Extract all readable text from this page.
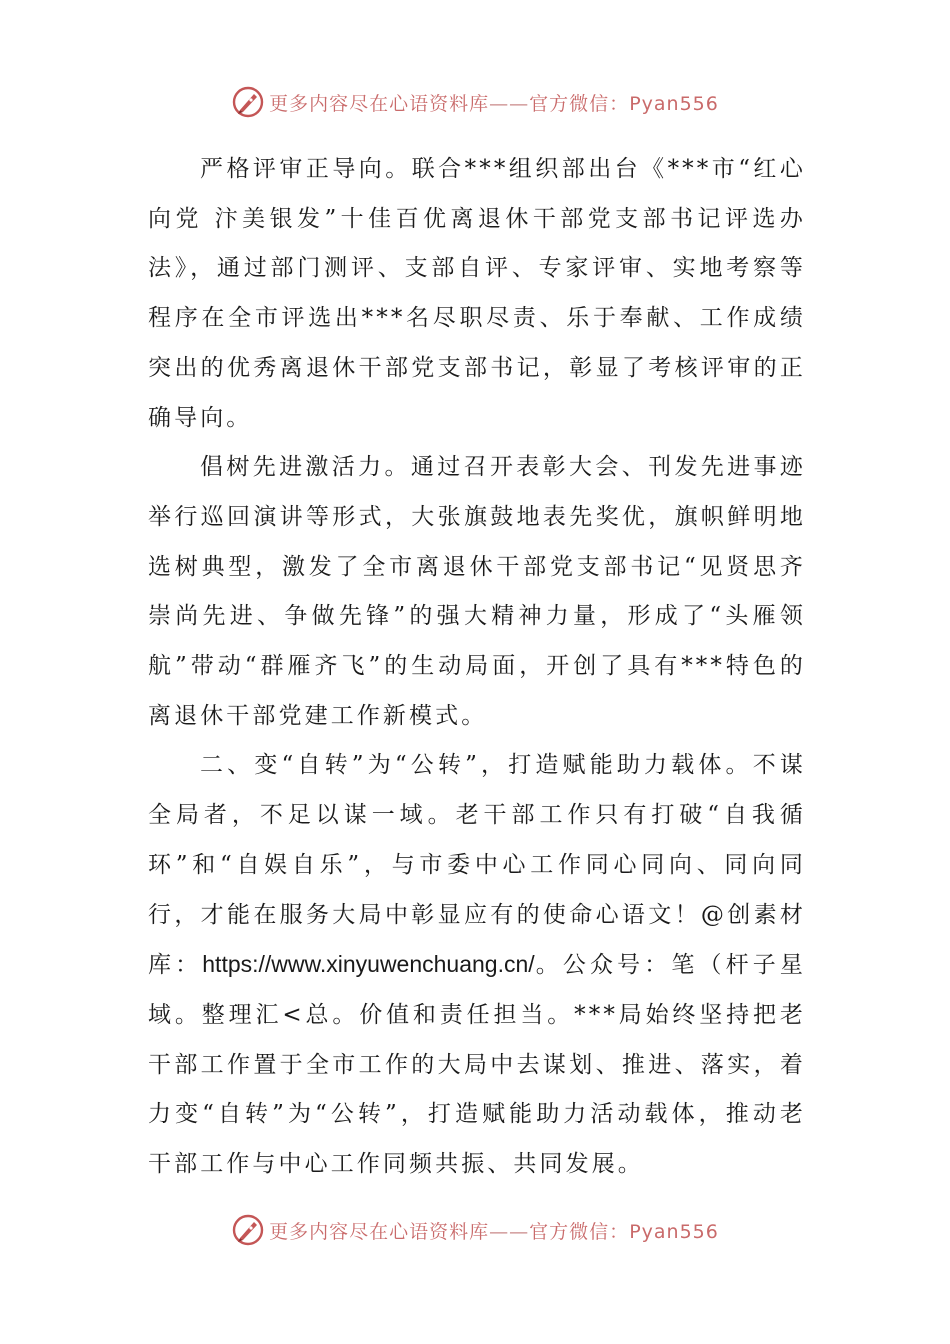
更多内容尽在心语资料库——官方微信：Pyan556

严格评审正导向。联合***组织部出台《***市“红心向党 汴美银发”十佳百优离退休干部党支部书记评选办法》，通过部门测评、支部自评、专家评审、实地考察等程序在全市评选出***名尽职尽责、乐于奉献、工作成绩突出的优秀离退休干部党支部书记，彰显了考核评审的正确导向。

倡树先进激活力。通过召开表彰大会、刊发先进事迹举行巡回演讲等形式，大张旗鼓地表先奖优，旗帜鲜明地选树典型，激发了全市离退休干部党支部书记“见贤思齐崇尚先进、争做先锋”的强大精神力量，形成了“头雁领航”带动“群雁齐飞”的生动局面，开创了具有***特色的离退休干部党建工作新模式。

二、变“自转”为“公转”，打造赋能助力载体。不谋全局者，不足以谋一域。老干部工作只有打破“自我循环”和“自娱自乐”，与市委中心工作同心同向、同向同行，才能在服务大局中彰显应有的使命心语文！@创素材库：https://www.xinyuwenchuang.cn/。公众号：笔（杆子星域。整理汇<总。价值和责任担当。***局始终坚持把老干部工作置于全市工作的大局中去谋划、推进、落实，着力变“自转”为“公转”，打造赋能助力活动载体，推动老干部工作与中心工作同频共振、共同发展。

更多内容尽在心语资料库——官方微信：Pyan556
